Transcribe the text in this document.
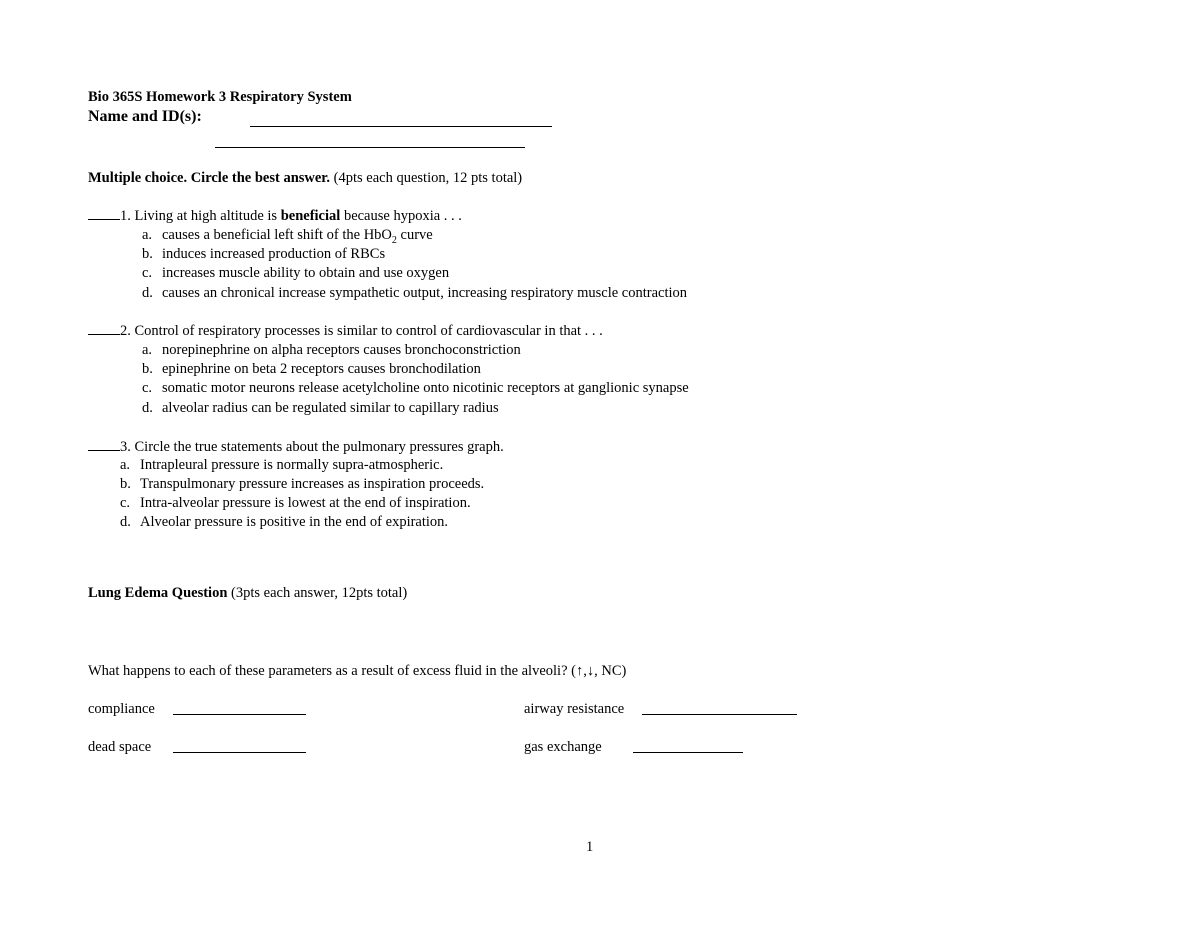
Bio 365S Homework 3 Respiratory System
Name and ID(s):
Multiple choice. Circle the best answer. (4pts each question, 12 pts total)
1. Living at high altitude is beneficial because hypoxia . . .
a. causes a beneficial left shift of the HbO$_2$ curve
b. induces increased production of RBCs
c. increases muscle ability to obtain and use oxygen
d. causes an chronical increase sympathetic output, increasing respiratory muscle contraction
2. Control of respiratory processes is similar to control of cardiovascular in that . . .
a. norepinephrine on alpha receptors causes bronchoconstriction
b. epinephrine on beta 2 receptors causes bronchodilation
c. somatic motor neurons release acetylcholine onto nicotinic receptors at ganglionic synapse
d. alveolar radius can be regulated similar to capillary radius
3. Circle the true statements about the pulmonary pressures graph.
a. Intrapleural pressure is normally supra-atmospheric.
b. Transpulmonary pressure increases as inspiration proceeds.
c. Intra-alveolar pressure is lowest at the end of inspiration.
d. Alveolar pressure is positive in the end of expiration.
Lung Edema Question (3pts each answer, 12pts total)
What happens to each of these parameters as a result of excess fluid in the alveoli? (↑,↓, NC)
compliance	airway resistance
dead space	gas exchange
1
